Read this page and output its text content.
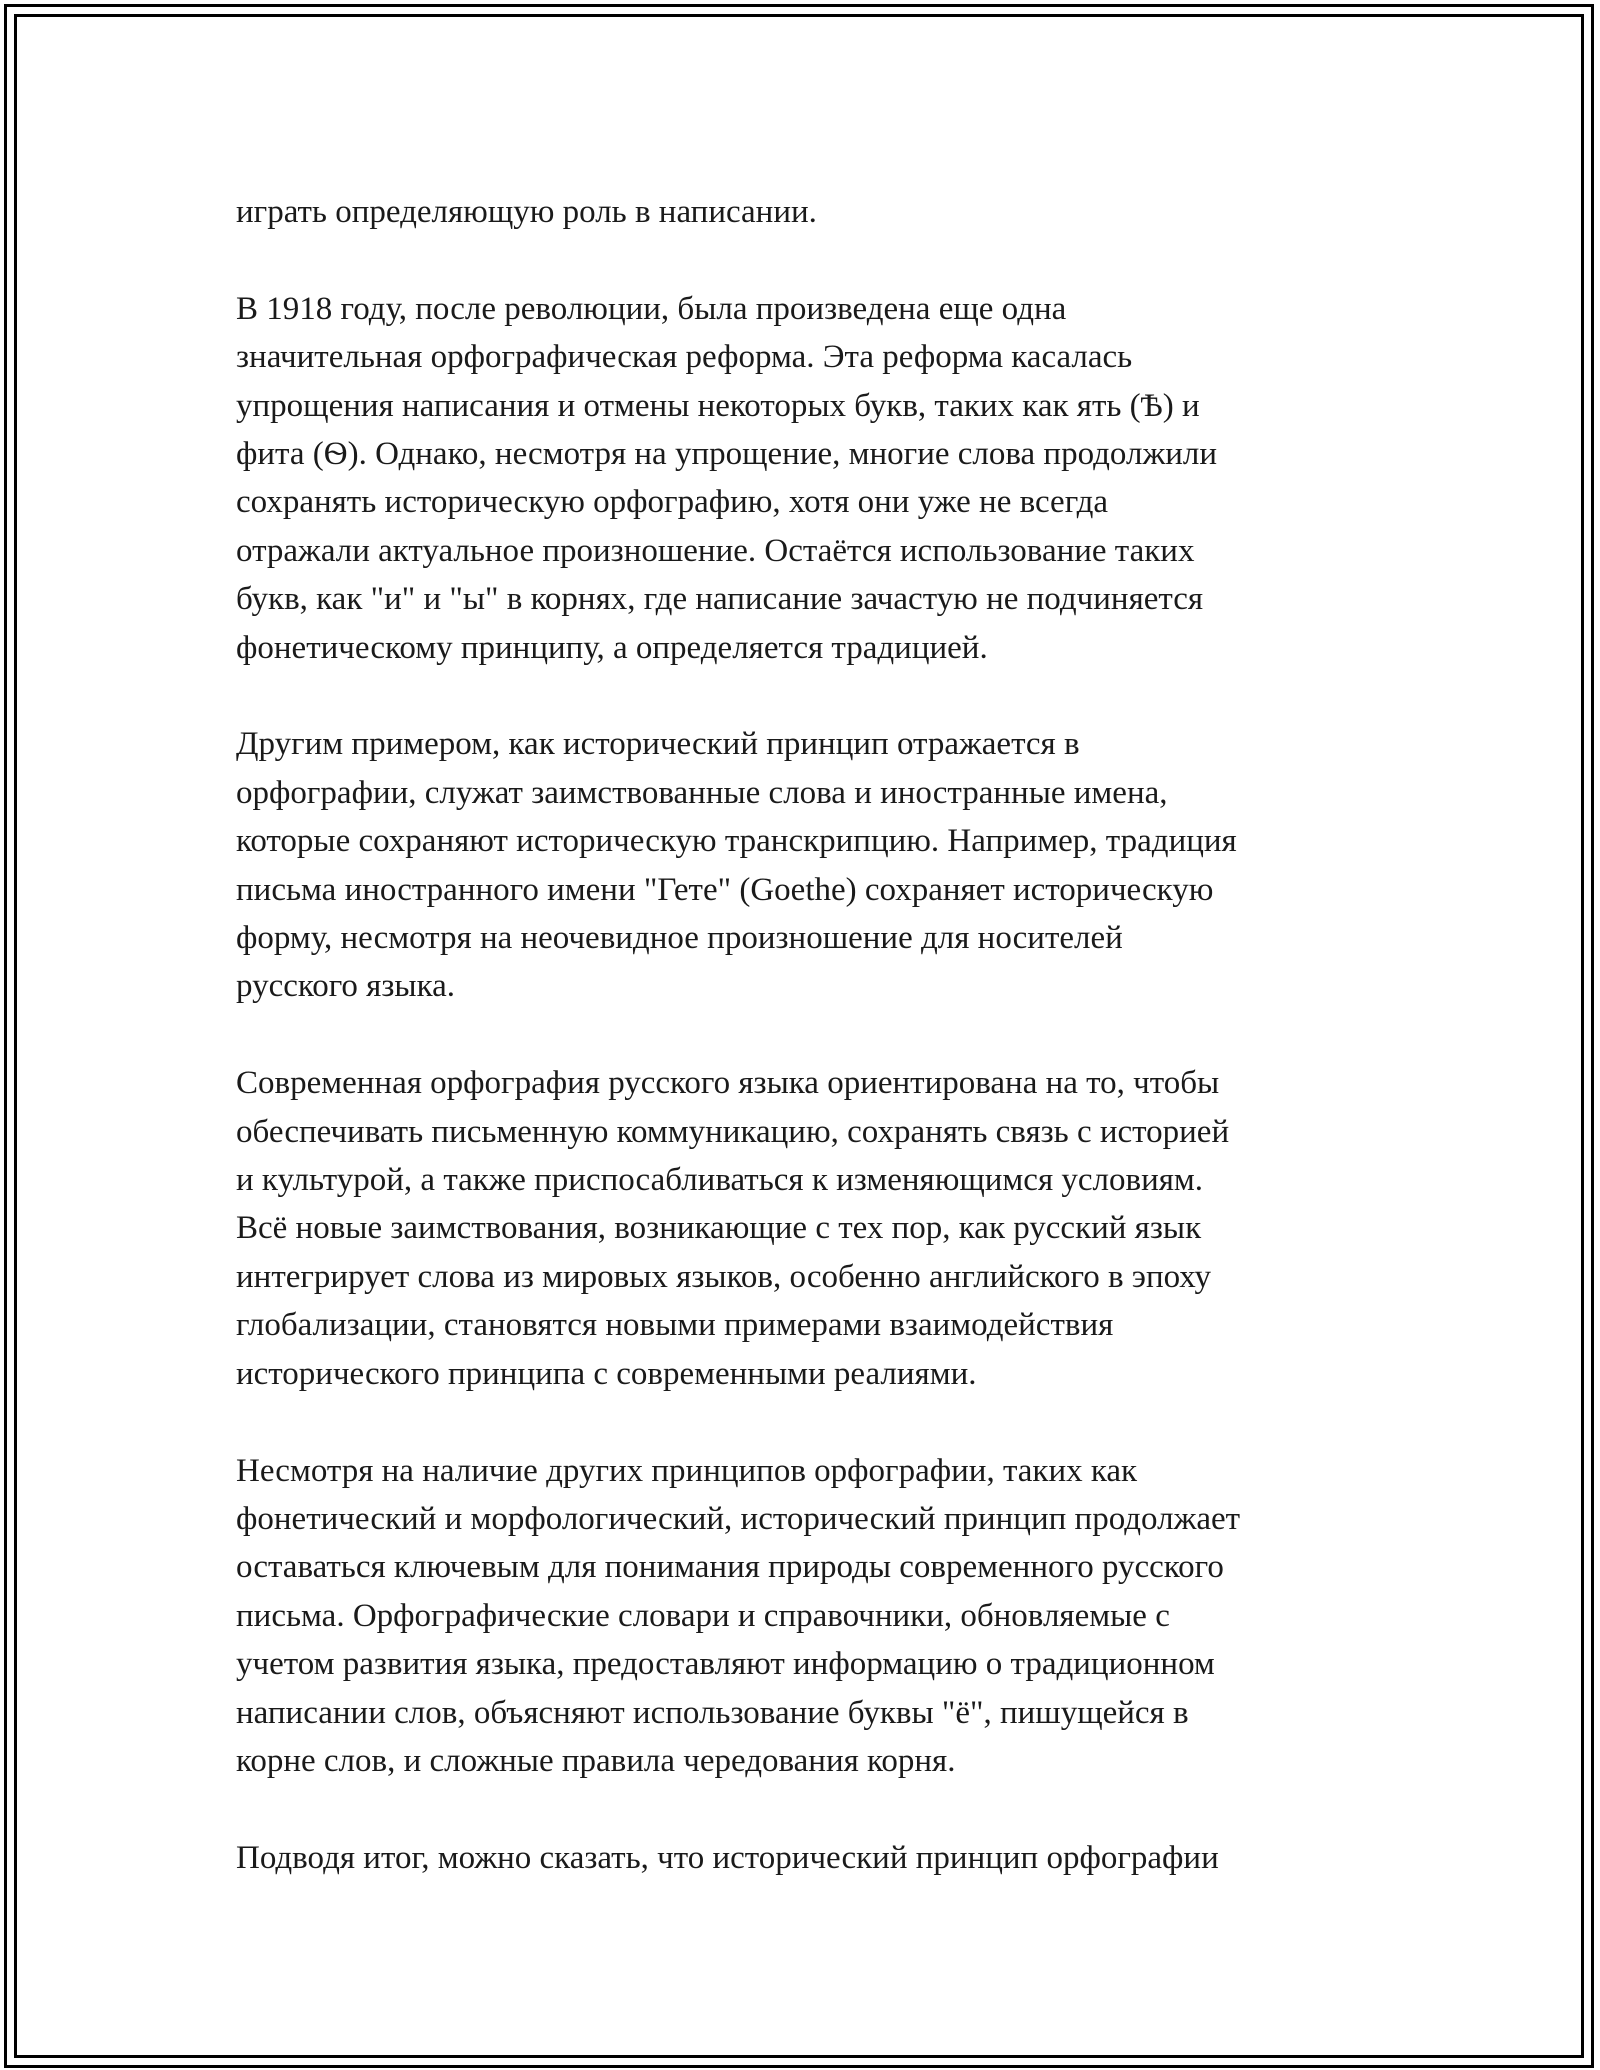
играть определяющую роль в написании.

В 1918 году, после революции, была произведена еще одна
значительная орфографическая реформа. Эта реформа касалась
упрощения написания и отмены некоторых букв, таких как ять (Ѣ) и
фита (Ѳ). Однако, несмотря на упрощение, многие слова продолжили
сохранять историческую орфографию, хотя они уже не всегда
отражали актуальное произношение. Остаётся использование таких
букв, как "и" и "ы" в корнях, где написание зачастую не подчиняется
фонетическому принципу, а определяется традицией.

Другим примером, как исторический принцип отражается в
орфографии, служат заимствованные слова и иностранные имена,
которые сохраняют историческую транскрипцию. Например, традиция
письма иностранного имени "Гете" (Goethe) сохраняет историческую
форму, несмотря на неочевидное произношение для носителей
русского языка.

Современная орфография русского языка ориентирована на то, чтобы
обеспечивать письменную коммуникацию, сохранять связь с историей
и культурой, а также приспосабливаться к изменяющимся условиям.
Всё новые заимствования, возникающие с тех пор, как русский язык
интегрирует слова из мировых языков, особенно английского в эпоху
глобализации, становятся новыми примерами взаимодействия
исторического принципа с современными реалиями.

Несмотря на наличие других принципов орфографии, таких как
фонетический и морфологический, исторический принцип продолжает
оставаться ключевым для понимания природы современного русского
письма. Орфографические словари и справочники, обновляемые с
учетом развития языка, предоставляют информацию о традиционном
написании слов, объясняют использование буквы "ё", пишущейся в
корне слов, и сложные правила чередования корня.

Подводя итог, можно сказать, что исторический принцип орфографии
